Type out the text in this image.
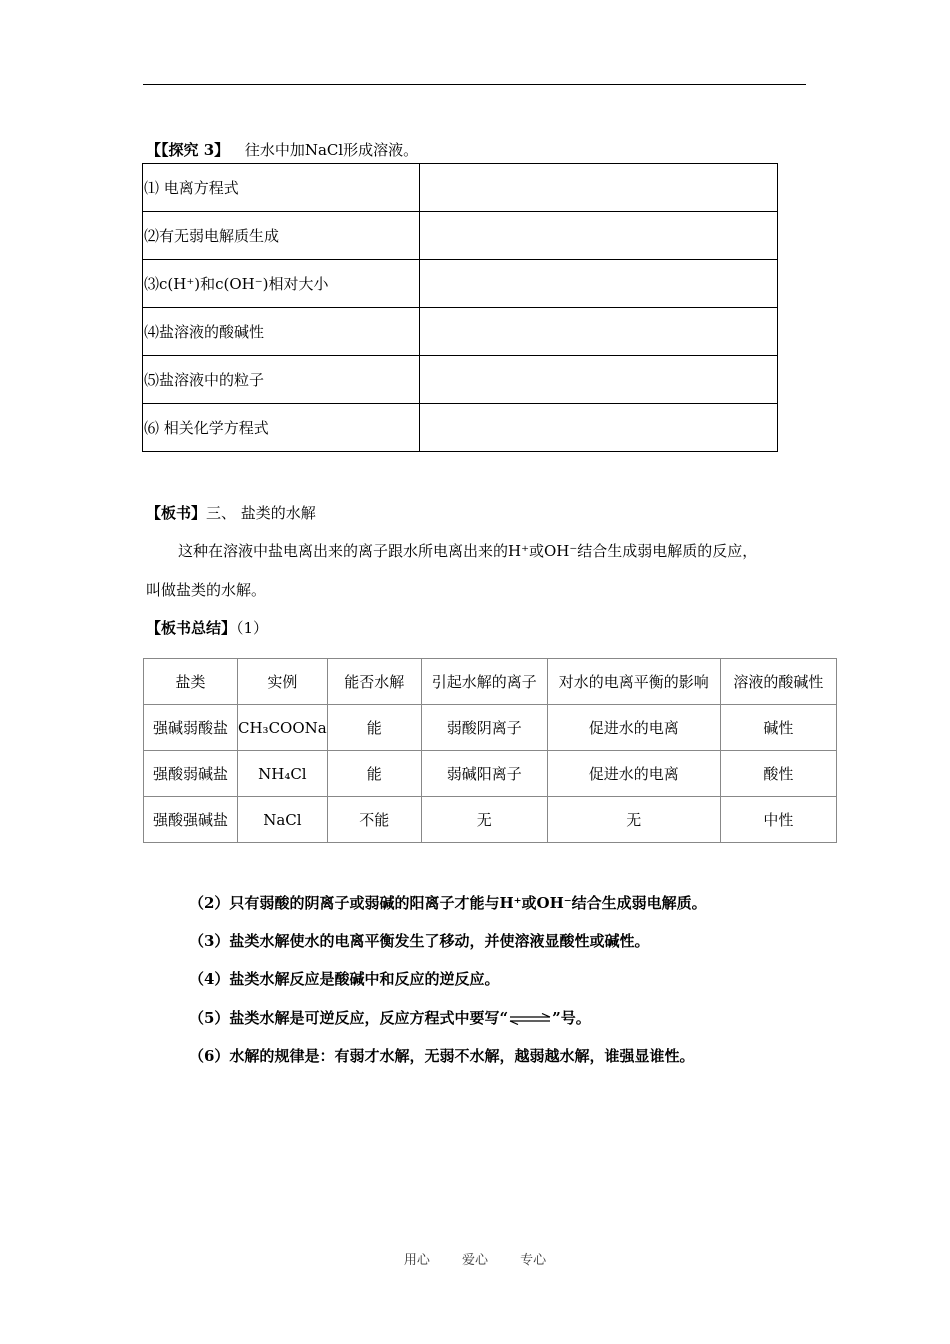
【【探究 3】 往水中加NaCl形成溶液。
⑴ 电离方程式	
⑵有无弱电解质生成	
⑶c(H⁺)和c(OH⁻)相对大小	
⑷盐溶液的酸碱性	
⑸盐溶液中的粒子	
⑹ 相关化学方程式	
【板书】三、 盐类的水解
这种在溶液中盐电离出来的离子跟水所电离出来的H⁺或OH⁻结合生成弱电解质的反应，
叫做盐类的水解。
【板书总结】（1）
盐类	实例	能否水解	引起水解的离子	对水的电离平衡的影响	溶液的酸碱性
强碱弱酸盐	CH₃COONa	能	弱酸阴离子	促进水的电离	碱性
强酸弱碱盐	NH₄Cl	能	弱碱阳离子	促进水的电离	酸性
强酸强碱盐	NaCl	不能	无	无	中性
（2）只有弱酸的阴离子或弱碱的阳离子才能与H⁺或OH⁻结合生成弱电解质。
（3）盐类水解使水的电离平衡发生了移动，并使溶液显酸性或碱性。
（4）盐类水解反应是酸碱中和反应的逆反应。
（5）盐类水解是可逆反应，反应方程式中要写“⇌”号。
（6）水解的规律是：有弱才水解，无弱不水解，越弱越水解，谁强显谁性。
用心 爱心 专心
